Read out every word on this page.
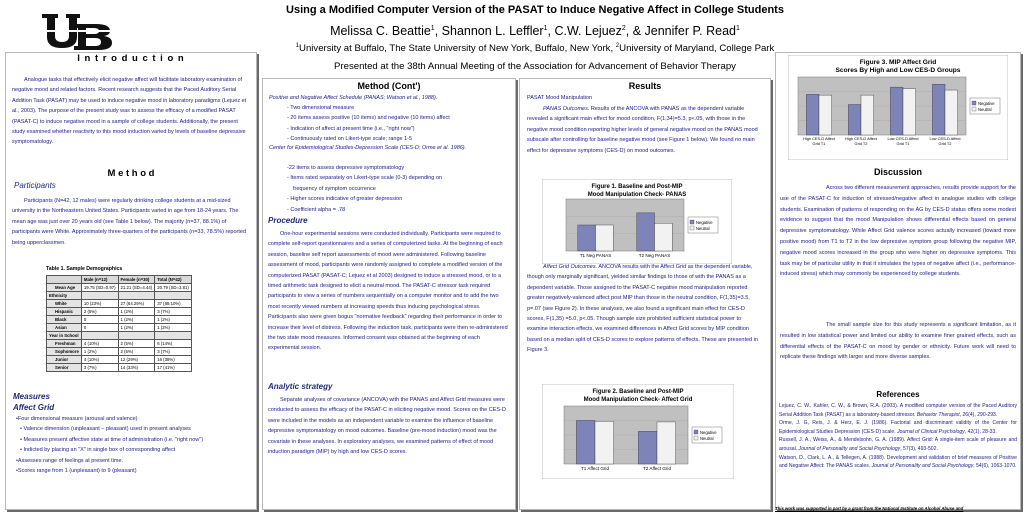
Using a Modified Computer Version of the PASAT to Induce Negative Affect in College Students
Melissa C. Beattie$^1$, Shannon L. Leffler$^1$, C.W. Lejuez$^2$, & Jennifer P. Read$^1$
$^1$University at Buffalo, The State University of New York, Buffalo, New York, $^2$University of Maryland, College Park
Presented at the 38th Annual Meeting of the Association for Advancement of Behavior Therapy
I n t r o d u c t i o n
Analogue tasks that effectively elicit negative affect will facilitate laboratory examination of negative mood and related factors. Recent research suggests that the Paced Auditory Serial Addition Task (PASAT) may be used to induce negative mood in laboratory paradigms (Lejuez et al., 2003). The purpose of the present study was to assess the efficacy of a modified PASAT (PASAT-C) to induce negative mood in a sample of college students. Additionally, the present study examined whether reactivity to this mood induction varied by levels of baseline depressive symptomatology.
M e t h o d
Participants
Participants (N=42, 12 males) were regularly drinking college students at a mid-sized university in the Northeastern United States. Participants varied in age from 18-24 years. The mean age was just over 20 years old (see Table 1 below). The majority (n=37, 88.1%) of participants were White. Approximately three-quarters of the participants (n=33, 78.5%) reported being upperclassmen.
Table 1. Sample Demographics
	Male (n=12)	Female (n=30)	Total (N=42)
Mean Age	19.75 (SD=0.97)	21.21 (SD=4.44)	20.79 (SD=3.81)
Ethnicity			
White	10 (23%)	27 (64.29%)	37 (88.10%)
Hispanic	2 (5%)	1 (2%)	3 (7%)
Black	0	1 (2%)	1 (2%)
Asian	0	1 (2%)	1 (2%)
Year in School			
Freshman	4 (10%)	2 (5%)	6 (14%)
Sophomore	1 (2%)	2 (5%)	3 (7%)
Junior	4 (10%)	12 (29%)	16 (38%)
Senior	3 (7%)	14 (33%)	17 (41%)
Measures
Affect Grid
•Four dimensional measure (arousal and valence)
• Valence dimension (unpleasant – pleasant) used in present analyses
• Measures present affective state at time of administration (i.e. "right now")
• Indicted by placing an "X" in single box of corresponding affect
•Assesses range of feelings at present time.
•Scores range from 1 (unpleasant) to 9 (pleasant)
Method (Cont')
Positive and Negative Affect Schedule (PANAS; Watson et al., 1988).
- Two dimensional measure
- 20 items assess positive (10 items) and negative (10 items) affect
- Indication of affect at present time (i.e., "right now")
- Continuously rated on Likert-type scale; range 1-5
Center for Epidemiological Studies-Depression Scale (CES-D; Orme et al. 1986).
-22 items to assess depressive symptomatology
- Items rated separately on Likert-type scale (0-3) depending on
frequency of symptom occurrence
- Higher scores indicative of greater depression
- Coefficient alpha = .78
Procedure
One-hour experimental sessions were conducted individually. Participants were required to complete self-report questionnaires and a series of computerized tasks. At the beginning of each session, baseline self report assessments of mood were administered. Following baseline assessment of mood, participants were randomly assigned to complete a modified version of the computerized PASAT (PASAT-C; Lejuez et al 2003) designed to induce a stressed mood, or to a timed arithmetic task designed to elicit a neutral mood. The PASAT-C stressor task required participants to view a series of numbers sequentially on a computer monitor and to add the two most recently viewed numbers at increasing speeds thus inducing psychological stress. Participants also were given bogus "normative feedback" regarding their performance in order to increase their level of distress. Following the induction task, participants were then re-administered the two state mood measures. Informed consent was obtained at the beginning of each experimental session.
Analytic strategy
Separate analyses of covariance (ANCOVA) with the PANAS and Affect Grid measures were conducted to assess the efficacy of the PASAT-C in eliciting negative mood. Scores on the CES-D were included in the models as an independent variable to examine the influence of baseline depressive symptomatology on mood outcomes. Baseline (pre-mood induction) mood was the covariate in these analyses. In exploratory analyses, we examined patterns of effect of mood induction paradigm (MIP) by high and low CES-D scores.
Results
PASAT Mood Manipulation
PANAS Outcomes. Results of the ANCOVA with PANAS as the dependent variable revealed a significant main effect for mood condition, F(1,34)=5.3, p<.05, with those in the negative mood condition reporting higher levels of general negative mood on the PANAS mood subscale after controlling for baseline negative mood (see Figure 1 below). We found no main effect for depressive symptoms (CES-D) on mood outcomes.
Figure 1. Baseline and Post-MIP
Mood Manipulation Check- PANAS
T1 Neg PANAS	T2 Neg PANAS
Negative
Neutral
Affect Grid Outcomes. ANCOVA results with the Affect Grid as the dependent variable, though only marginally significant, yielded similar findings to those of with the PANAS as a dependent variable. Those assigned to the PASAT-C negative mood manipulation reported greater negatively-valenced affect post MIP than those in the neutral condition, F(1,35)=3.5, p=.07 (see Figure 2). In these analyses, we also found a significant main effect for CES-D scores, F(1,35) =5.0, p<.05. Though sample size prohibited sufficient statistical power to examine interaction effects, we examined differences in Affect Grid scores by MIP condition based on a median split of CES-D scores to explore patterns of effects. These are presented in Figure 3.
Figure 2. Baseline and Post-MIP
Mood Manipulation Check- Affect Grid
T1 Affect Grid	T2 Affect Grid
Negative
Neutral
Figure 3. MIP Affect Grid
Scores By High and Low CES-D Groups
High CES-D Affect
Grid T1
High CES-D Affect
Grid T2
Low CES-D Affect
Grid T1
Low CES-D Affect
Grid T2
Negative
Neutral
Discussion
Across two different measurement approaches, results provide support for the use of the PASAT-C for induction of stressed/negative affect in analogue studies with college students. Examination of patterns of responding on the AG by CES-D status offers some modest evidence to suggest that the mood Manipulation shows differential effects based on general depressive symptomatology. While Affect Grid valence scores actually increased (toward more positive mood) from T1 to T2 in the low depressive symptom group following the negative MIP, negative mood scores increased in the group who were higher on depressive symptoms. This task may be of particular utility in that it simulates the types of negative affect (i.e., performance-induced stress) which may commonly be experienced by college students.
The small sample size for this study represents a significant limitation, as it resulted in low statistical power and limited our ability to examine finer grained effects, such as differential effects of the PASAT-C on mood by gender or ethnicity. Future work will need to replicate these findings with larger and more diverse samples.
References
Lejuez, C. W., Kahler, C. W., & Brown, R.A. (2003). A modified computer version of the Paced Auditory Serial Addition Task (PASAT) as a laboratory-based stressor. Behavior Therapist, 26(4), 290-293.
Orme, J. G, Reis, J. & Herz, E. J. (1986). Factorial and discriminant validity of the Center for Epidemiological Studies Depression (CES-D) scale. Journal of Clinical Psychology, 42(1), 28-33.
Russell, J. A., Weiss, A., & Mendelsohn, G. A. (1989). Affect Grid: A single-item scale of pleasure and arousal. Journal of Personality and Social Psychology, 57(3), 493-502.
Watson, D., Clark, L. A., & Tellegen, A. (1988). Development and validation of brief measures of Positive and Negative Affect: The PANAS scales. Journal of Personality and Social Psychology, 54(6), 1063-1070.
This work was supported in part by a grant from the National Institute on Alcohol Abuse and
